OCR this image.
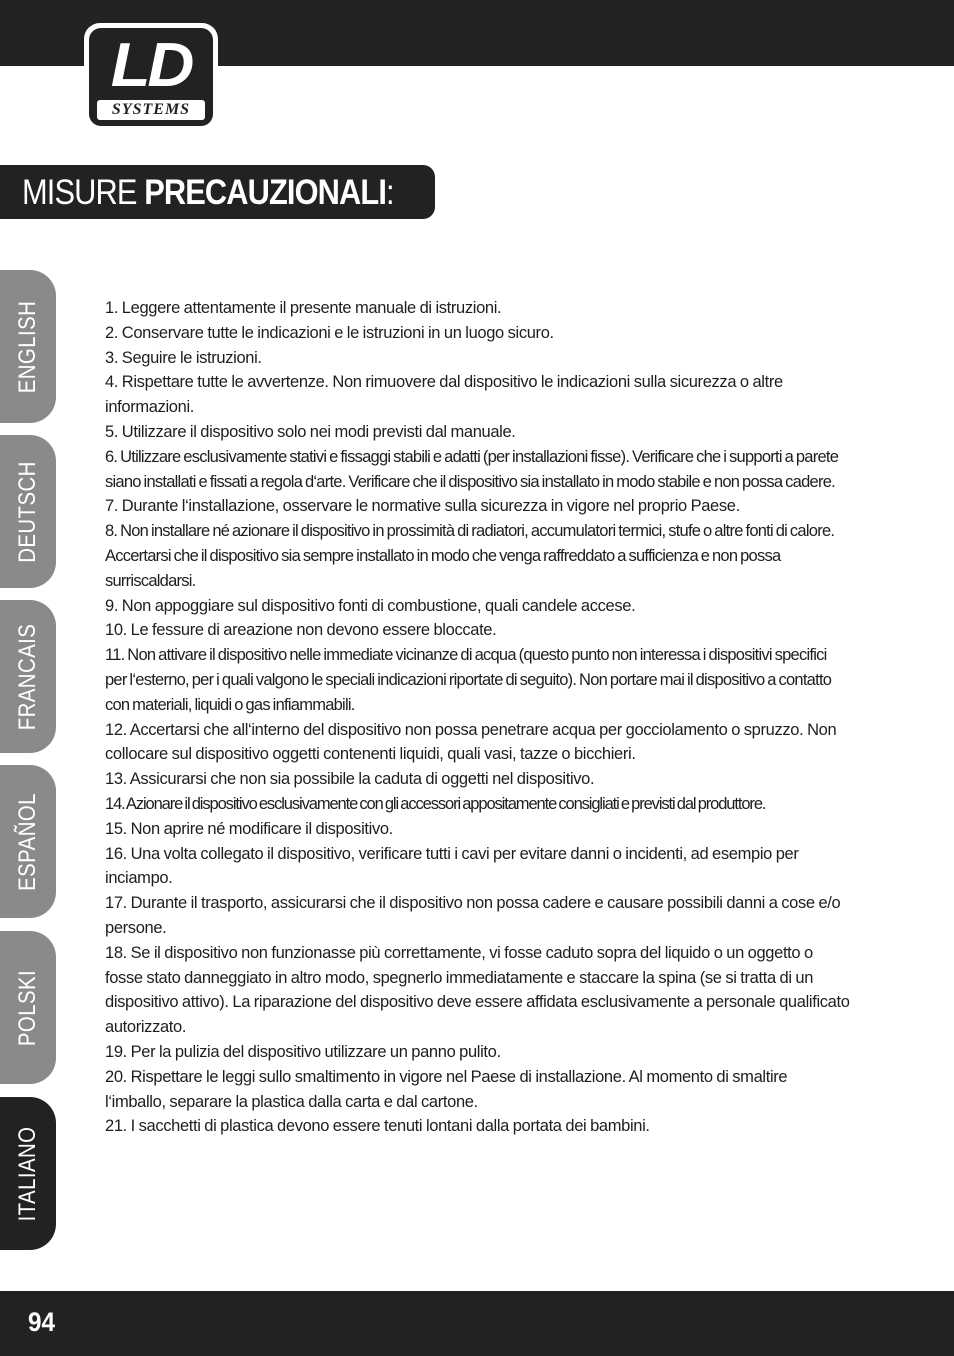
LD
SYSTEMS
MISURE PRECAUZIONALI:
ENGLISH
DEUTSCH
FRANCAIS
ESPAÑOL
POLSKI
ITALIANO
1. Leggere attentamente il presente manuale di istruzioni.
2. Conservare tutte le indicazioni e le istruzioni in un luogo sicuro.
3. Seguire le istruzioni.
4. Rispettare tutte le avvertenze. Non rimuovere dal dispositivo le indicazioni sulla sicurezza o altre informazioni.
5. Utilizzare il dispositivo solo nei modi previsti dal manuale.
6. Utilizzare esclusivamente stativi e fissaggi stabili e adatti (per installazioni fisse). Verificare che i supporti a parete siano installati e fissati a regola d‘arte. Verificare che il dispositivo sia installato in modo stabile e non possa cadere.
7. Durante l‘installazione, osservare le normative sulla sicurezza in vigore nel proprio Paese.
8. Non installare né azionare il dispositivo in prossimità di radiatori, accumulatori termici, stufe o altre fonti di calore. Accertarsi che il dispositivo sia sempre installato in modo che venga raffreddato a sufficienza e non possa surriscaldarsi.
9. Non appoggiare sul dispositivo fonti di combustione, quali candele accese.
10. Le fessure di areazione non devono essere bloccate.
11. Non attivare il dispositivo nelle immediate vicinanze di acqua (questo punto non interessa i dispositivi specifici per l‘esterno, per i quali valgono le speciali indicazioni riportate di seguito). Non portare mai il dispositivo a contatto con materiali, liquidi o gas infiammabili.
12. Accertarsi che all‘interno del dispositivo non possa penetrare acqua per gocciolamento o spruzzo. Non collocare sul dispositivo oggetti contenenti liquidi, quali vasi, tazze o bicchieri.
13. Assicurarsi che non sia possibile la caduta di oggetti nel dispositivo.
14. Azionare il dispositivo esclusivamente con gli accessori appositamente consigliati e previsti dal produttore.
15. Non aprire né modificare il dispositivo.
16. Una volta collegato il dispositivo, verificare tutti i cavi per evitare danni o incidenti, ad esempio per inciampo.
17. Durante il trasporto, assicurarsi che il dispositivo non possa cadere e causare possibili danni a cose e/o persone.
18. Se il dispositivo non funzionasse più correttamente, vi fosse caduto sopra del liquido o un oggetto o fosse stato danneggiato in altro modo, spegnerlo immediatamente e staccare la spina (se si tratta di un dispositivo attivo). La riparazione del dispositivo deve essere affidata esclusivamente a personale qualificato autorizzato.
19. Per la pulizia del dispositivo utilizzare un panno pulito.
20. Rispettare le leggi sullo smaltimento in vigore nel Paese di installazione. Al momento di smaltire l‘imballo, separare la plastica dalla carta e dal cartone.
21. I sacchetti di plastica devono essere tenuti lontani dalla portata dei bambini.
94
